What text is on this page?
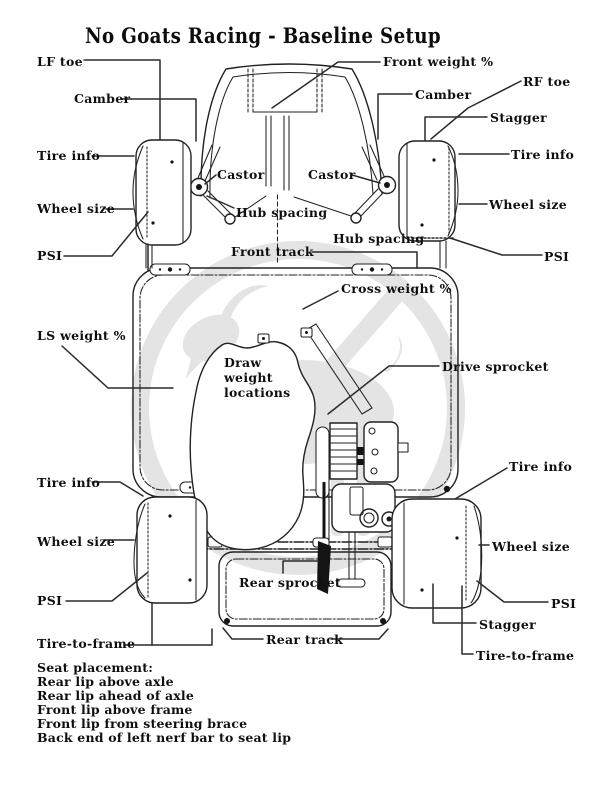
No Goats Racing - Baseline Setup
LF toe	Front weight %
RF toe
Camber	Camber
Stagger
Tire info	Tire info
Castor	Castor
Wheel size	Wheel size
Hub spacing
Hub spacing
PSI	PSI
Front track
Cross weight %
LS weight %
Draw
weight
locations
Drive sprocket
Tire info
Tire info
Wheel size	Wheel size
Rear sprocket
PSI	PSI
Stagger
Rear track
Tire-to-frame
Tire-to-frame
Seat placement:
Rear lip above axle
Rear lip ahead of axle
Front lip above frame
Front lip from steering brace
Back end of left nerf bar to seat lip
